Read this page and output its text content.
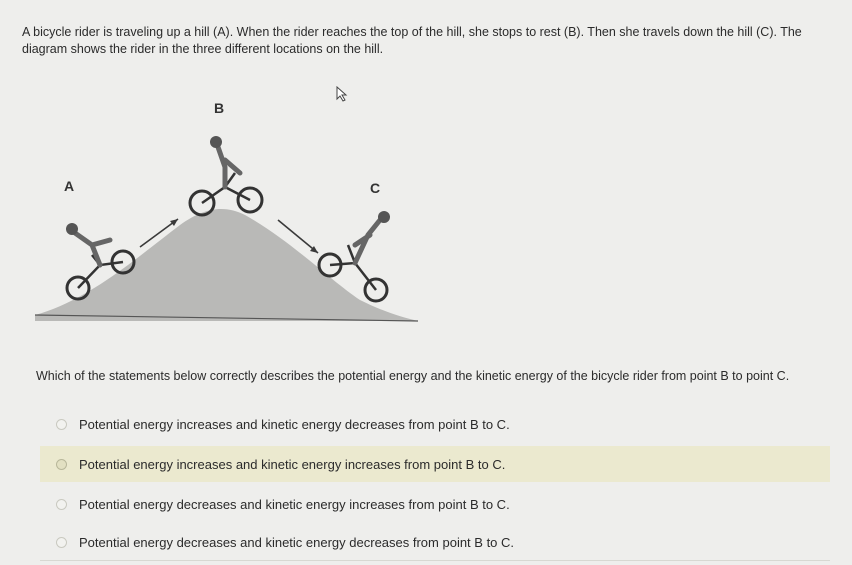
A bicycle rider is traveling up a hill (A). When the rider reaches the top of the hill, she stops to rest (B). Then she travels down the hill (C). The diagram shows the rider in the three different locations on the hill.

B
A	C

Which of the statements below correctly describes the potential energy and the kinetic energy of the bicycle rider from point B to point C.

Potential energy increases and kinetic energy decreases from point B to C.
Potential energy increases and kinetic energy increases from point B to C.
Potential energy decreases and kinetic energy increases from point B to C.
Potential energy decreases and kinetic energy decreases from point B to C.
